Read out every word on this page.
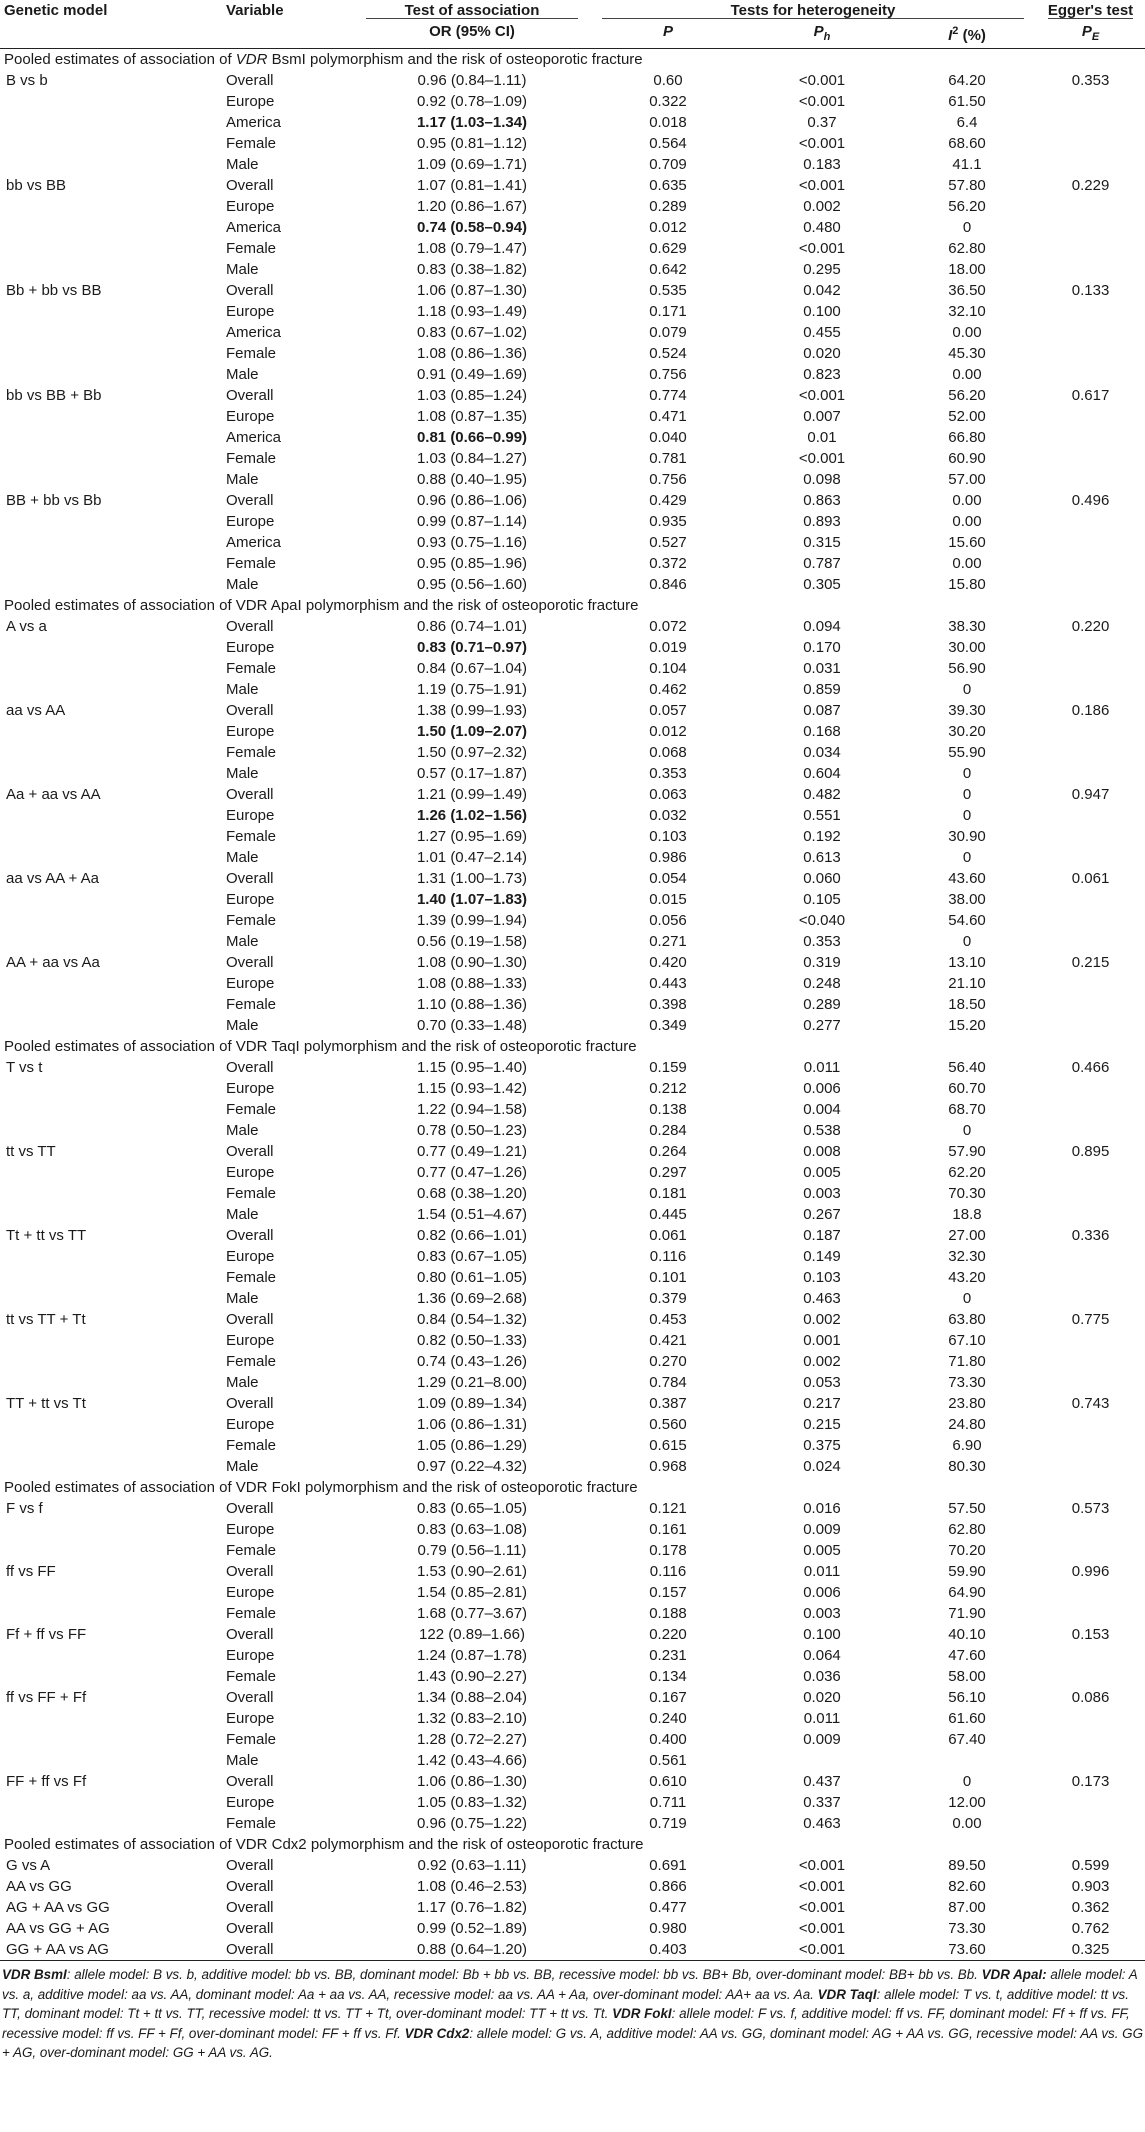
Genetic model	Variable	Test of association	Tests for heterogeneity			Egger's test
		OR (95% CI)	P	$P_h$	$I^2$ (%)	$P_E$
Pooled estimates of association of VDR BsmI polymorphism and the risk of osteoporotic fracture						
B vs b	Overall	0.96 (0.84–1.11)	0.60	<0.001	64.20	0.353
	Europe	0.92 (0.78–1.09)	0.322	<0.001	61.50	
	America	1.17 (1.03–1.34)	0.018	0.37	6.4	
	Female	0.95 (0.81–1.12)	0.564	<0.001	68.60	
	Male	1.09 (0.69–1.71)	0.709	0.183	41.1	
bb vs BB	Overall	1.07 (0.81–1.41)	0.635	<0.001	57.80	0.229
	Europe	1.20 (0.86–1.67)	0.289	0.002	56.20	
	America	0.74 (0.58–0.94)	0.012	0.480	0	
	Female	1.08 (0.79–1.47)	0.629	<0.001	62.80	
	Male	0.83 (0.38–1.82)	0.642	0.295	18.00	
Bb + bb vs BB	Overall	1.06 (0.87–1.30)	0.535	0.042	36.50	0.133
	Europe	1.18 (0.93–1.49)	0.171	0.100	32.10	
	America	0.83 (0.67–1.02)	0.079	0.455	0.00	
	Female	1.08 (0.86–1.36)	0.524	0.020	45.30	
	Male	0.91 (0.49–1.69)	0.756	0.823	0.00	
bb vs BB + Bb	Overall	1.03 (0.85–1.24)	0.774	<0.001	56.20	0.617
	Europe	1.08 (0.87–1.35)	0.471	0.007	52.00	
	America	0.81 (0.66–0.99)	0.040	0.01	66.80	
	Female	1.03 (0.84–1.27)	0.781	<0.001	60.90	
	Male	0.88 (0.40–1.95)	0.756	0.098	57.00	
BB + bb vs Bb	Overall	0.96 (0.86–1.06)	0.429	0.863	0.00	0.496
	Europe	0.99 (0.87–1.14)	0.935	0.893	0.00	
	America	0.93 (0.75–1.16)	0.527	0.315	15.60	
	Female	0.95 (0.85–1.96)	0.372	0.787	0.00	
	Male	0.95 (0.56–1.60)	0.846	0.305	15.80	
Pooled estimates of association of VDR ApaI polymorphism and the risk of osteoporotic fracture						
A vs a	Overall	0.86 (0.74–1.01)	0.072	0.094	38.30	0.220
	Europe	0.83 (0.71–0.97)	0.019	0.170	30.00	
	Female	0.84 (0.67–1.04)	0.104	0.031	56.90	
	Male	1.19 (0.75–1.91)	0.462	0.859	0	
aa vs AA	Overall	1.38 (0.99–1.93)	0.057	0.087	39.30	0.186
	Europe	1.50 (1.09–2.07)	0.012	0.168	30.20	
	Female	1.50 (0.97–2.32)	0.068	0.034	55.90	
	Male	0.57 (0.17–1.87)	0.353	0.604	0	
Aa + aa vs AA	Overall	1.21 (0.99–1.49)	0.063	0.482	0	0.947
	Europe	1.26 (1.02–1.56)	0.032	0.551	0	
	Female	1.27 (0.95–1.69)	0.103	0.192	30.90	
	Male	1.01 (0.47–2.14)	0.986	0.613	0	
aa vs AA + Aa	Overall	1.31 (1.00–1.73)	0.054	0.060	43.60	0.061
	Europe	1.40 (1.07–1.83)	0.015	0.105	38.00	
	Female	1.39 (0.99–1.94)	0.056	<0.040	54.60	
	Male	0.56 (0.19–1.58)	0.271	0.353	0	
AA + aa vs Aa	Overall	1.08 (0.90–1.30)	0.420	0.319	13.10	0.215
	Europe	1.08 (0.88–1.33)	0.443	0.248	21.10	
	Female	1.10 (0.88–1.36)	0.398	0.289	18.50	
	Male	0.70 (0.33–1.48)	0.349	0.277	15.20	
Pooled estimates of association of VDR TaqI polymorphism and the risk of osteoporotic fracture						
T vs t	Overall	1.15 (0.95–1.40)	0.159	0.011	56.40	0.466
	Europe	1.15 (0.93–1.42)	0.212	0.006	60.70	
	Female	1.22 (0.94–1.58)	0.138	0.004	68.70	
	Male	0.78 (0.50–1.23)	0.284	0.538	0	
tt vs TT	Overall	0.77 (0.49–1.21)	0.264	0.008	57.90	0.895
	Europe	0.77 (0.47–1.26)	0.297	0.005	62.20	
	Female	0.68 (0.38–1.20)	0.181	0.003	70.30	
	Male	1.54 (0.51–4.67)	0.445	0.267	18.8	
Tt + tt vs TT	Overall	0.82 (0.66–1.01)	0.061	0.187	27.00	0.336
	Europe	0.83 (0.67–1.05)	0.116	0.149	32.30	
	Female	0.80 (0.61–1.05)	0.101	0.103	43.20	
	Male	1.36 (0.69–2.68)	0.379	0.463	0	
tt vs TT + Tt	Overall	0.84 (0.54–1.32)	0.453	0.002	63.80	0.775
	Europe	0.82 (0.50–1.33)	0.421	0.001	67.10	
	Female	0.74 (0.43–1.26)	0.270	0.002	71.80	
	Male	1.29 (0.21–8.00)	0.784	0.053	73.30	
TT + tt vs Tt	Overall	1.09 (0.89–1.34)	0.387	0.217	23.80	0.743
	Europe	1.06 (0.86–1.31)	0.560	0.215	24.80	
	Female	1.05 (0.86–1.29)	0.615	0.375	6.90	
	Male	0.97 (0.22–4.32)	0.968	0.024	80.30	
Pooled estimates of association of VDR FokI polymorphism and the risk of osteoporotic fracture						
F vs f	Overall	0.83 (0.65–1.05)	0.121	0.016	57.50	0.573
	Europe	0.83 (0.63–1.08)	0.161	0.009	62.80	
	Female	0.79 (0.56–1.11)	0.178	0.005	70.20	
ff vs FF	Overall	1.53 (0.90–2.61)	0.116	0.011	59.90	0.996
	Europe	1.54 (0.85–2.81)	0.157	0.006	64.90	
	Female	1.68 (0.77–3.67)	0.188	0.003	71.90	
Ff + ff vs FF	Overall	122 (0.89–1.66)	0.220	0.100	40.10	0.153
	Europe	1.24 (0.87–1.78)	0.231	0.064	47.60	
	Female	1.43 (0.90–2.27)	0.134	0.036	58.00	
ff vs FF + Ff	Overall	1.34 (0.88–2.04)	0.167	0.020	56.10	0.086
	Europe	1.32 (0.83–2.10)	0.240	0.011	61.60	
	Female	1.28 (0.72–2.27)	0.400	0.009	67.40	
	Male	1.42 (0.43–4.66)	0.561			
FF + ff vs Ff	Overall	1.06 (0.86–1.30)	0.610	0.437	0	0.173
	Europe	1.05 (0.83–1.32)	0.711	0.337	12.00	
	Female	0.96 (0.75–1.22)	0.719	0.463	0.00	
Pooled estimates of association of VDR Cdx2 polymorphism and the risk of osteoporotic fracture						
G vs A	Overall	0.92 (0.63–1.11)	0.691	<0.001	89.50	0.599
AA vs GG	Overall	1.08 (0.46–2.53)	0.866	<0.001	82.60	0.903
AG + AA vs GG	Overall	1.17 (0.76–1.82)	0.477	<0.001	87.00	0.362
AA vs GG + AG	Overall	0.99 (0.52–1.89)	0.980	<0.001	73.30	0.762
GG + AA vs AG	Overall	0.88 (0.64–1.20)	0.403	<0.001	73.60	0.325
VDR BsmI: allele model: B vs. b, additive model: bb vs. BB, dominant model: Bb + bb vs. BB, recessive model: bb vs. BB+ Bb, over-dominant model: BB+ bb vs. Bb. VDR ApaI: allele model: A vs. a, additive model: aa vs. AA, dominant model: Aa + aa vs. AA, recessive model: aa vs. AA + Aa, over-dominant model: AA+ aa vs. Aa. VDR TaqI: allele model: T vs. t, additive model: tt vs. TT, dominant model: Tt + tt vs. TT, recessive model: tt vs. TT + Tt, over-dominant model: TT + tt vs. Tt. VDR FokI: allele model: F vs. f, additive model: ff vs. FF, dominant model: Ff + ff vs. FF, recessive model: ff vs. FF + Ff, over-dominant model: FF + ff vs. Ff. VDR Cdx2: allele model: G vs. A, additive model: AA vs. GG, dominant model: AG + AA vs. GG, recessive model: AA vs. GG + AG, over-dominant model: GG + AA vs. AG.
